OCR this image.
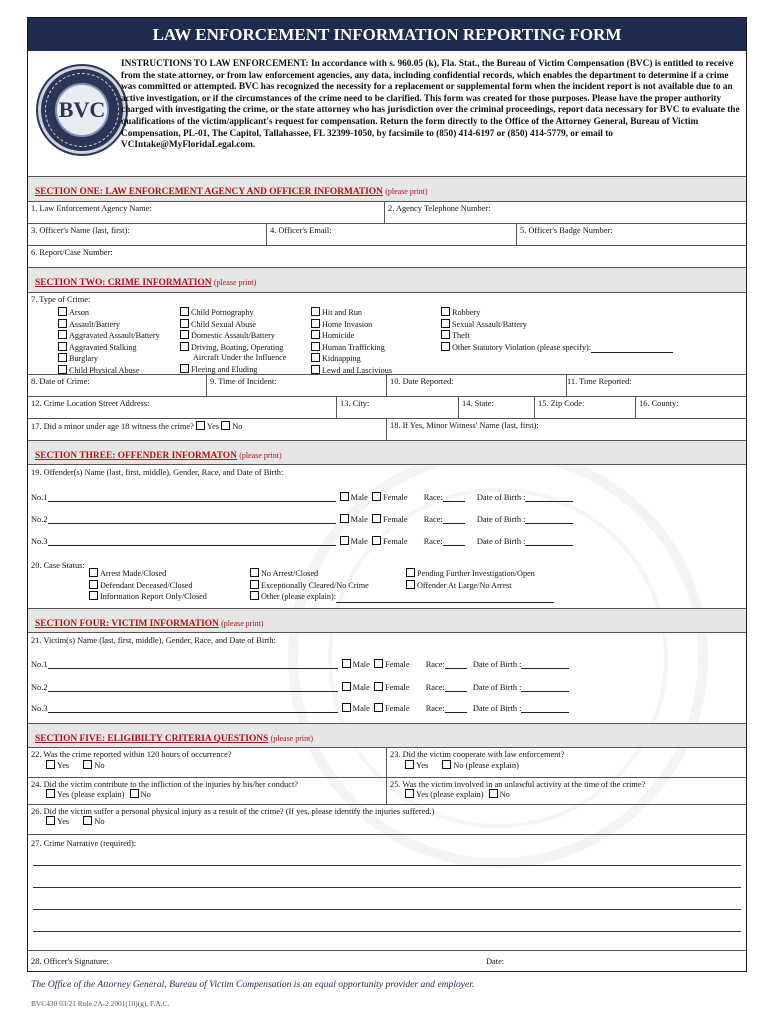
LAW ENFORCEMENT INFORMATION REPORTING FORM
BVC
INSTRUCTIONS TO LAW ENFORCEMENT: In accordance with s. 960.05 (k), Fla. Stat., the Bureau of Victim Compensation (BVC) is entitled to receive from the state attorney, or from law enforcement agencies, any data, including confidential records, which enables the department to determine if a crime was committed or attempted. BVC has recognized the necessity for a replacement or supplemental form when the incident report is not available due to an active investigation, or if the circumstances of the crime need to be clarified. This form was created for those purposes. Please have the proper authority charged with investigating the crime, or the state attorney who has jurisdiction over the criminal proceedings, report data necessary for BVC to evaluate the qualifications of the victim/applicant's request for compensation. Return the form directly to the Office of the Attorney General, Bureau of Victim Compensation, PL-01, The Capitol, Tallahassee, FL 32399-1050, by facsimile to (850) 414-6197 or (850) 414-5779, or email to VCIntake@MyFloridaLegal.com.
SECTION ONE: LAW ENFORCEMENT AGENCY AND OFFICER INFORMATION (please print)
1. Law Enforcement Agency Name:	2. Agency Telephone Number:
3. Officer's Name (last, first):	4. Officer's Email:	5. Officer's Badge Number:
6. Report/Case Number:
SECTION TWO: CRIME INFORMATION (please print)
7. Type of Crime:
Arson
Assault/Battery
Aggravated Assault/Battery
Aggravated Stalking
Burglary
Child Physical Abuse
Child Pornography
Child Sexual Abuse
Domestic Assault/Battery
Driving, Boating, Operating
Aircraft Under the Influence
Fleeing and Eluding
Hit and Run
Home Invasion
Homicide
Human Trafficking
Kidnapping
Lewd and Lascivious
Robbery
Sexual Assault/Battery
Theft
Other Statutory Violation (please specify):
8. Date of Crime:	9. Time of Incident:	10. Date Reported:	11. Time Reported:
12. Crime Location Street Address:	13. City:	14. State:	15. Zip Code:	16. County:
17. Did a minor under age 18 witness the crime? Yes No	18. If Yes, Minor Witness' Name (last, first):
SECTION THREE: OFFENDER INFORMATON (please print)
19. Offender(s) Name (last, first, middle), Gender, Race, and Date of Birth:
No.1	Male Female Race:	Date of Birth :
No.2	Male Female Race:	Date of Birth :
No.3	Male Female Race:	Date of Birth :
20. Case Status:
Arrest Made/Closed
Defendant Deceased/Closed
Information Report Only/Closed
No Arrest/Closed
Exceptionally Cleared/No Crime
Other (please explain):
Pending Further Investigation/Open
Offender At Large/No Arrest
SECTION FOUR: VICTIM INFORMATION (please print)
21. Victim(s) Name (last, first, middle), Gender, Race, and Date of Birth:
No.1	Male Female Race:	Date of Birth :
No.2	Male Female Race:	Date of Birth :
No.3	Male Female Race:	Date of Birth :
SECTION FIVE: ELIGIBILTY CRITERIA QUESTIONS (please print)
22. Was the crime reported within 120 hours of occurrence?
Yes	No
23. Did the victim cooperate with law enforcement?
Yes	No (please explain)
24. Did the victim contribute to the infliction of the injuries by his/her conduct?
Yes (please explain) No
25. Was the victim involved in an unlawful activity at the time of the crime?
Yes (please explain) No
26. Did the victim suffer a personal physical injury as a result of the crime? (If yes, please identify the injuries suffered.)
Yes	No
27. Crime Narrative (required):
28. Officer's Signature:	Date:
The Office of the Attorney General, Bureau of Victim Compensation is an equal opportunity provider and employer.
BVC430 03/21 Rule 2A-2.2001(10)(g), F.A.C.
